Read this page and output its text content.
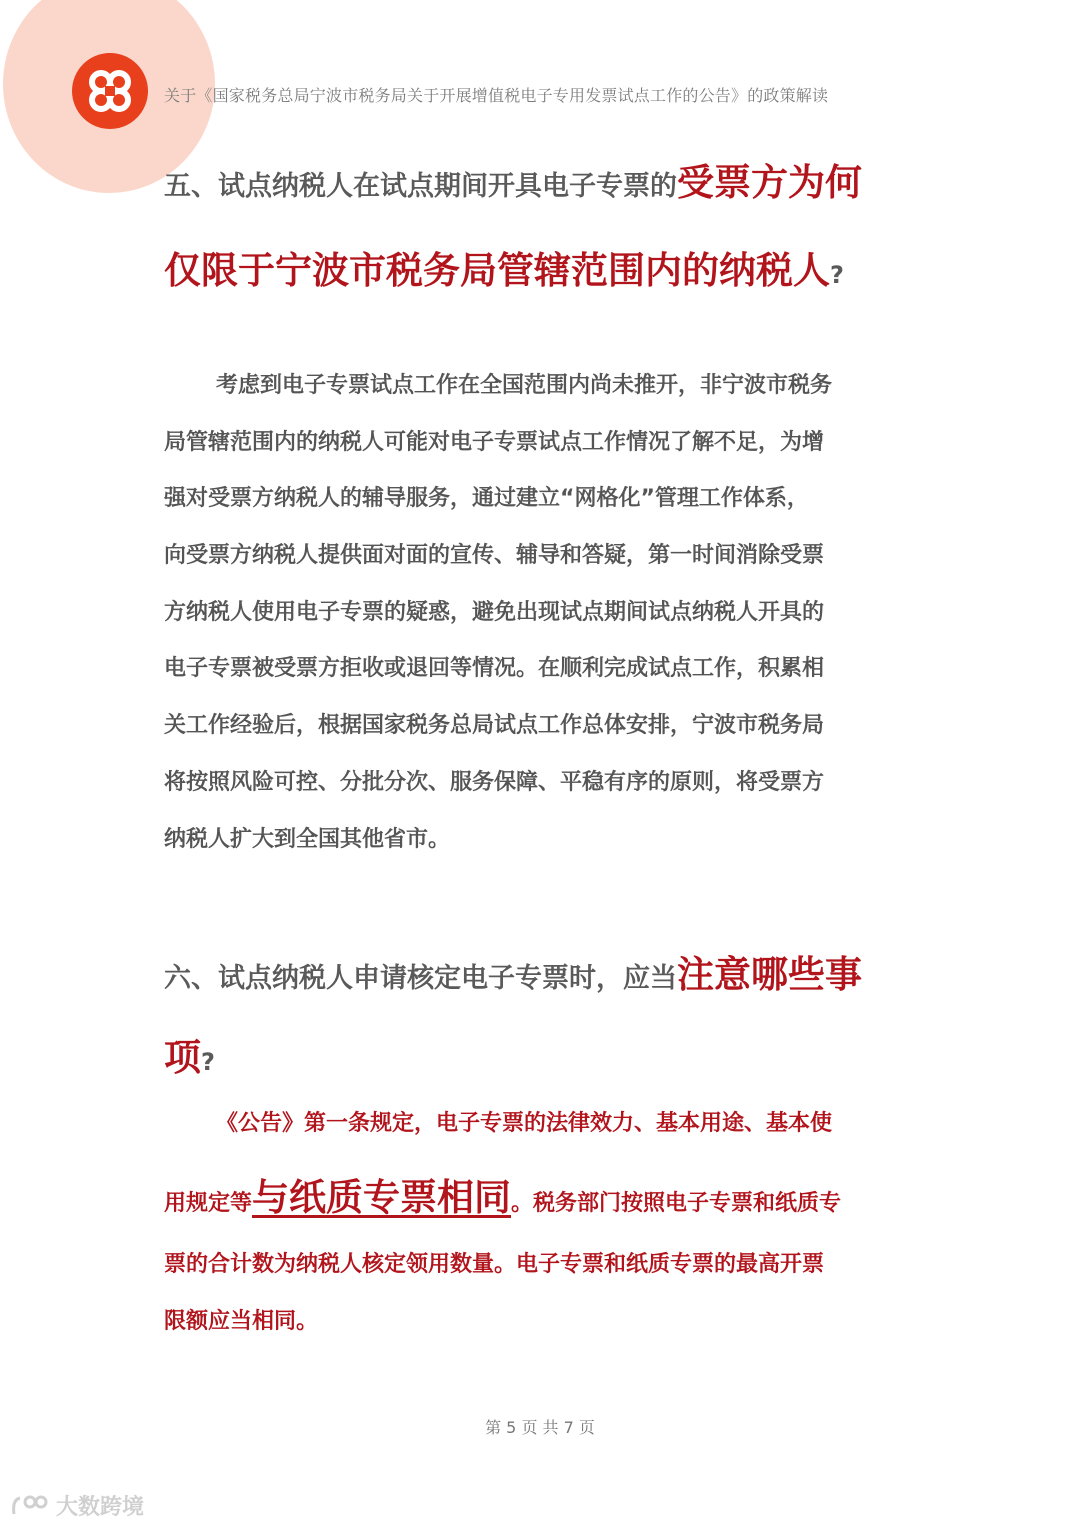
关于《国家税务总局宁波市税务局关于开展增值税电子专用发票试点工作的公告》的政策解读
五、试点纳税人在试点期间开具电子专票的受票方为何
仅限于宁波市税务局管辖范围内的纳税人?
考虑到电子专票试点工作在全国范围内尚未推开，非宁波市税务
局管辖范围内的纳税人可能对电子专票试点工作情况了解不足，为增
强对受票方纳税人的辅导服务，通过建立“网格化”管理工作体系，
向受票方纳税人提供面对面的宣传、辅导和答疑，第一时间消除受票
方纳税人使用电子专票的疑惑，避免出现试点期间试点纳税人开具的
电子专票被受票方拒收或退回等情况。在顺利完成试点工作，积累相
关工作经验后，根据国家税务总局试点工作总体安排，宁波市税务局
将按照风险可控、分批分次、服务保障、平稳有序的原则，将受票方
纳税人扩大到全国其他省市。
六、试点纳税人申请核定电子专票时，应当注意哪些事
项?
《公告》第一条规定，电子专票的法律效力、基本用途、基本使
用规定等与纸质专票相同。税务部门按照电子专票和纸质专
票的合计数为纳税人核定领用数量。电子专票和纸质专票的最高开票
限额应当相同。
第 5 页 共 7 页
大数跨境
